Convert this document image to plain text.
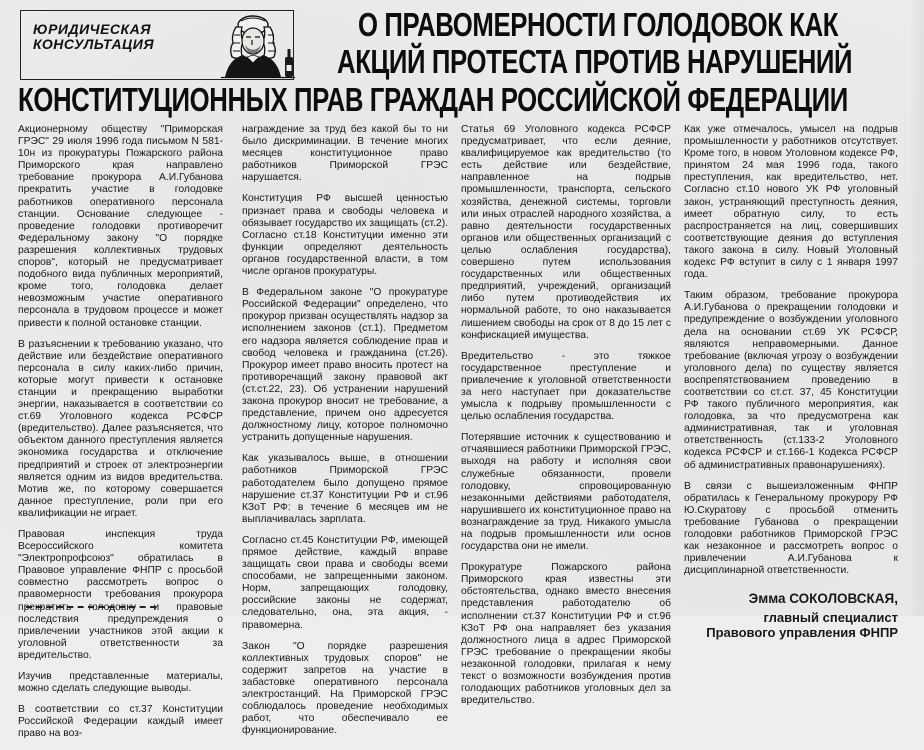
ЮРИДИЧЕСКАЯ
КОНСУЛЬТАЦИЯ
О ПРАВОМЕРНОСТИ ГОЛОДОВОК КАК
АКЦИЙ ПРОТЕСТА ПРОТИВ НАРУШЕНИЙ
КОНСТИТУЦИОННЫХ ПРАВ ГРАЖДАН РОССИЙСКОЙ ФЕДЕРАЦИИ

Акционерному обществу "Приморская ГРЭС" 29 июля 1996 года письмом N 581-10н из прокуратуры Пожарского района Приморского края направлено требование прокурора А.И.Губанова прекратить участие в голодовке работников оперативного персонала станции. Основание следующее - проведение голодовки противоречит Федеральному закону "О порядке разрешения коллективных трудовых споров", который не предусматривает подобного вида публичных мероприятий, кроме того, голодовка делает невозможным участие оперативного персонала в трудовом процессе и может привести к полной остановке станции.

В разъяснении к требованию указано, что действие или бездействие оперативного персонала в силу каких-либо причин, которые могут привести к остановке станции и прекращению выработки энергии, наказывается в соответствии со ст.69 Уголовного кодекса РСФСР (вредительство). Далее разъясняется, что объектом данного преступления является экономика государства и отключение предприятий и строек от электроэнергии является одним из видов вредительства. Мотив же, по которому совершается данное преступление, роли при его квалификации не играет.

Правовая инспекция труда Всероссийского комитета "Электропрофсоюз" обратилась в Правовое управление ФНПР с просьбой совместно рассмотреть вопрос о правомерности требования прокурора прекратить голодовку и правовые последствия предупреждения о привлечении участников этой акции к уголовной ответственности за вредительство.

Изучив представленные материалы, можно сделать следующие выводы.

В соответствии со ст.37 Конституции Российской Федерации каждый имеет право на воз-

награждение за труд без какой бы то ни было дискриминации. В течение многих месяцев конституционное право работников Приморской ГРЭС нарушается.

Конституция РФ высшей ценностью признает права и свободы человека и обязывает государство их защищать (ст.2). Согласно ст.18 Конституции именно эти функции определяют деятельность органов государственной власти, в том числе органов прокуратуры.

В Федеральном законе "О прокуратуре Российской Федерации" определено, что прокурор призван осуществлять надзор за исполнением законов (ст.1). Предметом его надзора является соблюдение прав и свобод человека и гражданина (ст.26). Прокурор имеет право вносить протест на противоречащий закону правовой акт (ст.ст.22, 23). Об устранении нарушений закона прокурор вносит не требование, а представление, причем оно адресуется должностному лицу, которое полномочно устранить допущенные нарушения.

Как указывалось выше, в отношении работников Приморской ГРЭС работодателем было допущено прямое нарушение ст.37 Конституции РФ и ст.96 КЗоТ РФ: в течение 6 месяцев им не выплачивалась зарплата.

Согласно ст.45 Конституции РФ, имеющей прямое действие, каждый вправе защищать свои права и свободы всеми способами, не запрещенными законом. Норм, запрещающих голодовку, российские законы не содержат, следовательно, она, эта акция, - правомерна.

Закон "О порядке разрешения коллективных трудовых споров" не содержит запретов на участие в забастовке оперативного персонала электростанций. На Приморской ГРЭС соблюдалось проведение необходимых работ, что обеспечивало ее функционирование.

Статья 69 Уголовного кодекса РСФСР предусматривает, что если деяние, квалифицируемое как вредительство (то есть действие или бездействие, направленное на подрыв промышленности, транспорта, сельского хозяйства, денежной системы, торговли или иных отраслей народного хозяйства, а равно деятельности государственных органов или общественных организаций с целью ослабления государства), совершено путем использования государственных или общественных предприятий, учреждений, организаций либо путем противодействия их нормальной работе, то оно наказывается лишением свободы на срок от 8 до 15 лет с конфискацией имущества.

Вредительство - это тяжкое государственное преступление и привлечение к уголовной ответственности за него наступает при доказательстве умысла к подрыву промышленности с целью ослабления государства.

Потерявшие источник к существованию и отчаявшиеся работники Приморской ГРЭС, выходя на работу и исполняя свои служебные обязанности, провели голодовку, спровоцированную незаконными действиями работодателя, нарушившего их конституционное право на вознаграждение за труд. Никакого умысла на подрыв промышленности или основ государства они не имели.

Прокуратуре Пожарского района Приморского края известны эти обстоятельства, однако вместо внесения представления работодателю об исполнении ст.37 Конституции РФ и ст.96 КЗоТ РФ она направляет без указания должностного лица в адрес Приморской ГРЭС требование о прекращении якобы незаконной голодовки, прилагая к нему текст о возможности возбуждения против голодающих работников уголовных дел за вредительство.

Как уже отмечалось, умысел на подрыв промышленности у работников отсутствует. Кроме того, в новом Уголовном кодексе РФ, принятом 24 мая 1996 года, такого преступления, как вредительство, нет. Согласно ст.10 нового УК РФ уголовный закон, устраняющий преступность деяния, имеет обратную силу, то есть распространяется на лиц, совершивших соответствующие деяния до вступления такого закона в силу. Новый Уголовный кодекс РФ вступит в силу с 1 января 1997 года.

Таким образом, требование прокурора А.И.Губанова о прекращении голодовки и предупреждение о возбуждении уголовного дела на основании ст.69 УК РСФСР, являются неправомерными. Данное требование (включая угрозу о возбуждении уголовного дела) по существу является воспрепятствованием проведению в соответствии со ст.ст. 37, 45 Конституции РФ такого публичного мероприятия, как голодовка, за что предусмотрена как административная, так и уголовная ответственность (ст.133-2 Уголовного кодекса РСФСР и ст.166-1 Кодекса РСФСР об административных правонарушениях).

В связи с вышеизложенным ФНПР обратилась к Генеральному прокурору РФ Ю.Скуратову с просьбой отменить требование Губанова о прекращении голодовки работников Приморской ГРЭС как незаконное и рассмотреть вопрос о привлечении А.И.Губанова к дисциплинарной ответственности.

Эмма СОКОЛОВСКАЯ,
главный специалист
Правового управления ФНПР
